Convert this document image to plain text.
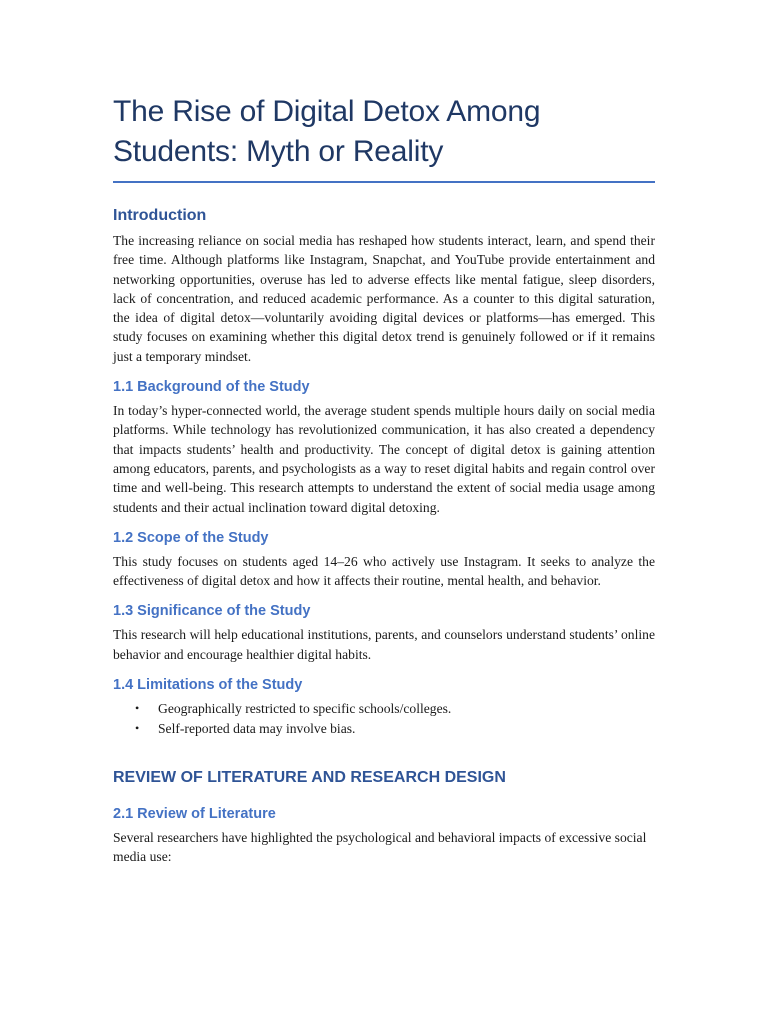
The Rise of Digital Detox Among Students: Myth or Reality
Introduction

The increasing reliance on social media has reshaped how students interact, learn, and spend their free time. Although platforms like Instagram, Snapchat, and YouTube provide entertainment and networking opportunities, overuse has led to adverse effects like mental fatigue, sleep disorders, lack of concentration, and reduced academic performance. As a counter to this digital saturation, the idea of digital detox—voluntarily avoiding digital devices or platforms—has emerged. This study focuses on examining whether this digital detox trend is genuinely followed or if it remains just a temporary mindset.

1.1 Background of the Study

In today’s hyper-connected world, the average student spends multiple hours daily on social media platforms. While technology has revolutionized communication, it has also created a dependency that impacts students’ health and productivity. The concept of digital detox is gaining attention among educators, parents, and psychologists as a way to reset digital habits and regain control over time and well-being. This research attempts to understand the extent of social media usage among students and their actual inclination toward digital detoxing.

1.2 Scope of the Study

This study focuses on students aged 14–26 who actively use Instagram. It seeks to analyze the effectiveness of digital detox and how it affects their routine, mental health, and behavior.

1.3 Significance of the Study

This research will help educational institutions, parents, and counselors understand students’ online behavior and encourage healthier digital habits.

1.4 Limitations of the Study
• Geographically restricted to specific schools/colleges.
• Self-reported data may involve bias.
REVIEW OF LITERATURE AND RESEARCH DESIGN
2.1 Review of Literature

Several researchers have highlighted the psychological and behavioral impacts of excessive social media use:
